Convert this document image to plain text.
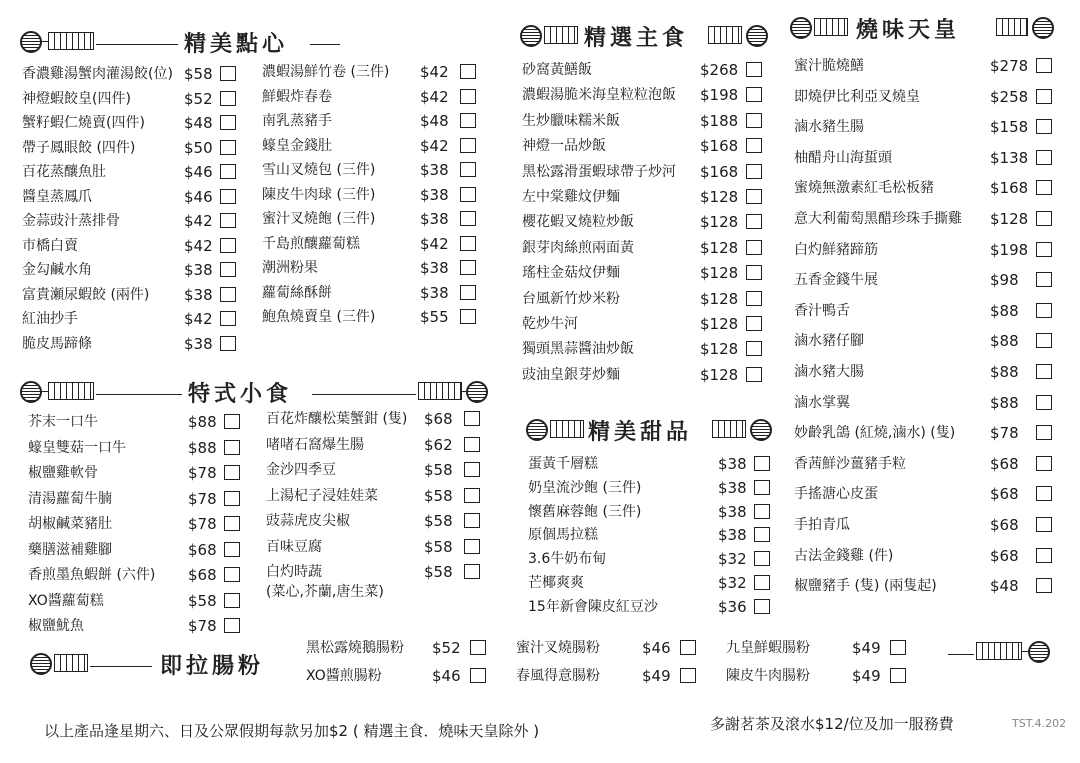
精美點心
特式小食
精選主食	燒味天皇
精美甜品
即拉腸粉
香濃雞湯蟹肉灌湯餃(位) $58
神燈蝦餃皇(四件)	$52
蟹籽蝦仁燒賣(四件)	$48
帶子鳳眼餃 (四件)	$50
百花蒸釀魚肚	$46
醬皇蒸鳳爪	$46
金蒜豉汁蒸排骨	$42
市橋白賣	$42
金勾鹹水角	$38
富貴瀬尿蝦餃 (兩件) $38
紅油抄手	$42
脆皮馬蹄條	$38
濃蝦湯鮮竹卷 (三件) $42
鮮蝦炸春卷	$42
南乳蒸豬手	$48
蠔皇金錢肚	$42
雪山叉燒包 (三件)	$38
陳皮牛肉球 (三件)	$38
蜜汁叉燒飽 (三件)	$38
千島煎釀蘿蔔糕	$42
潮洲粉果	$38
蘿蔔絲酥餅	$38
鮑魚燒賣皇 (三件)	$55
芥末一口牛	$88
蠔皇雙菇一口牛	$88
椒鹽雞軟骨	$78
清湯蘿蔔牛腩	$78
胡椒鹹菜豬肚	$78
藥膳滋補雞腳	$68
香煎墨魚蝦餅 (六件) $68
XO醬蘿蔔糕	$58
椒鹽魷魚	$78
百花炸釀松葉蟹鉗 (隻) $68
啫啫石窩爆生腸	$62
金沙四季豆	$58
上湯杞子浸娃娃菜	$58
豉蒜虎皮尖椒	$58
百味豆腐	$58
白灼時蔬
(菜心,芥蘭,唐生菜)
$58
砂窩黃鱔飯	$268
濃蝦湯脆米海皇粒粒泡飯 $198
生炒臘味糯米飯	$188
神燈一品炒飯	$168
黑松露滑蛋蝦球帶子炒河 $168
左中棠雞炆伊麵	$128
櫻花蝦叉燒粒炒飯	$128
銀芽肉絲煎兩面黃	$128
瑤柱金菇炆伊麵	$128
台風新竹炒米粉	$128
乾炒牛河	$128
獨頭黑蒜醬油炒飯	$128
豉油皇銀芽炒麵	$128
蛋黃千層糕	$38
奶皇流沙飽 (三件)	$38
懷舊麻蓉飽 (三件)	$38
原個馬拉糕	$38
3.6牛奶布甸	$32
芒椰爽爽	$32
15年新會陳皮紅豆沙	$36
蜜汁脆燒鱔	$278
即燒伊比利亞叉燒皇	$258
滷水豬生腸	$158
柚醋舟山海蜇頭	$138
蜜燒無激素紅毛松板豬	$168
意大利葡萄黑醋珍珠手撕雞 $128
白灼鮮豬蹄筋	$198
五香金錢牛展	$98
香汁鴨舌	$88
滷水豬仔腳	$88
滷水豬大腸	$88
滷水掌翼	$88
妙齡乳鴿 (紅燒,滷水) (隻) $78
香茜鮮沙薑豬手粒	$68
手搖溏心皮蛋	$68
手拍青瓜	$68
古法金錢雞 (件)	$68
椒鹽豬手 (隻) (兩隻起)	$48
黑松露燒鵝腸粉 $52
XO醬煎腸粉	$46
蜜汁叉燒腸粉	$46
春風得意腸粉	$49
九皇鮮蝦腸粉	$49
陳皮牛肉腸粉	$49
以上產品逢星期六、日及公眾假期每款另加$2 ( 精選主食．燒味天皇除外 )	多謝茗茶及滾水$12/位及加一服務費	TST.4.202
